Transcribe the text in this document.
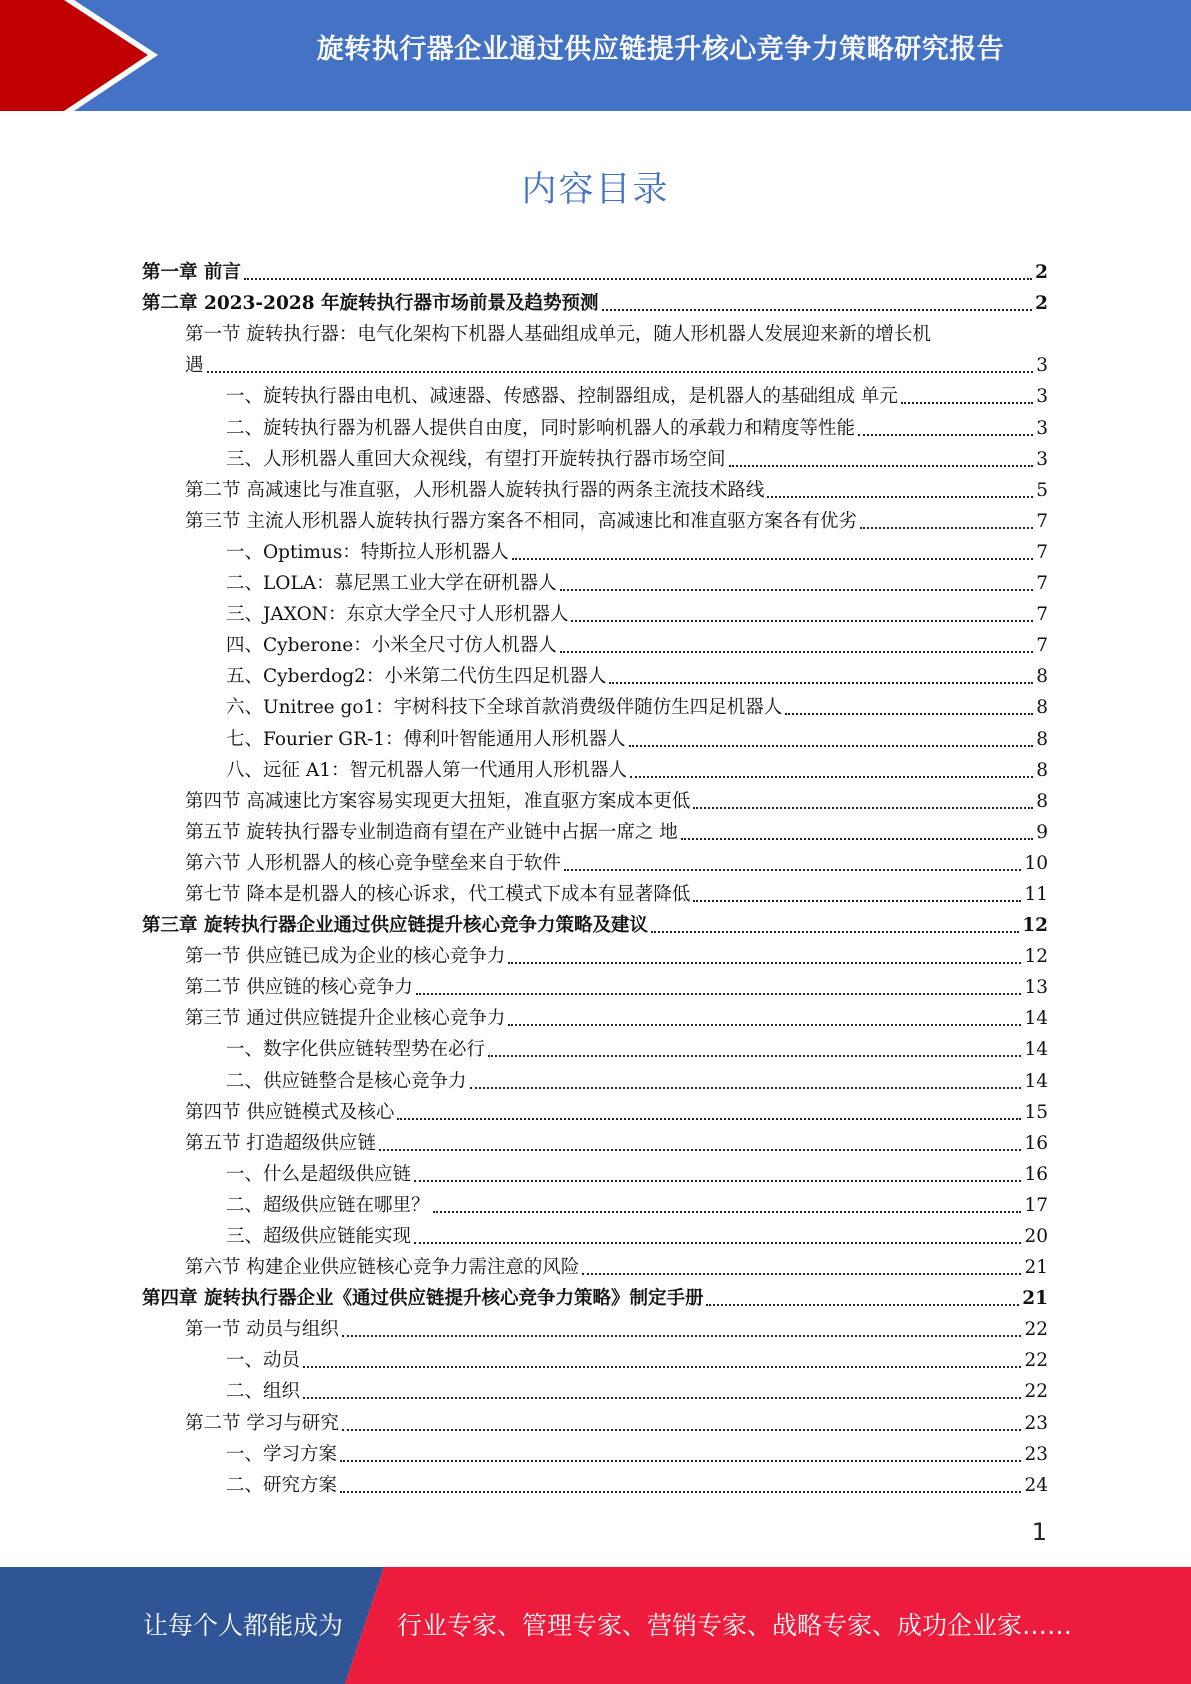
旋转执行器企业通过供应链提升核心竞争力策略研究报告
内容目录
第一章 前言	2
第二章 2023-2028 年旋转执行器市场前景及趋势预测	2
第一节 旋转执行器：电气化架构下机器人基础组成单元，随人形机器人发展迎来新的增长机
遇	3
一、旋转执行器由电机、减速器、传感器、控制器组成，是机器人的基础组成 单元	3
二、旋转执行器为机器人提供自由度，同时影响机器人的承载力和精度等性能	3
三、人形机器人重回大众视线，有望打开旋转执行器市场空间	3
第二节 高减速比与准直驱，人形机器人旋转执行器的两条主流技术路线	5
第三节 主流人形机器人旋转执行器方案各不相同，高减速比和准直驱方案各有优劣	7
一、Optimus：特斯拉人形机器人	7
二、LOLA：慕尼黑工业大学在研机器人	7
三、JAXON：东京大学全尺寸人形机器人	7
四、Cyberone：小米全尺寸仿人机器人	7
五、Cyberdog2：小米第二代仿生四足机器人	8
六、Unitree go1：宇树科技下全球首款消费级伴随仿生四足机器人	8
七、Fourier GR-1：傅利叶智能通用人形机器人	8
八、远征 A1：智元机器人第一代通用人形机器人	8
第四节 高减速比方案容易实现更大扭矩，准直驱方案成本更低	8
第五节 旋转执行器专业制造商有望在产业链中占据一席之 地	9
第六节 人形机器人的核心竞争壁垒来自于软件	10
第七节 降本是机器人的核心诉求，代工模式下成本有显著降低	11
第三章 旋转执行器企业通过供应链提升核心竞争力策略及建议	12
第一节 供应链已成为企业的核心竞争力	12
第二节 供应链的核心竞争力	13
第三节 通过供应链提升企业核心竞争力	14
一、数字化供应链转型势在必行	14
二、供应链整合是核心竞争力	14
第四节 供应链模式及核心	15
第五节 打造超级供应链	16
一、什么是超级供应链	16
二、超级供应链在哪里？	17
三、超级供应链能实现	20
第六节 构建企业供应链核心竞争力需注意的风险	21
第四章 旋转执行器企业《通过供应链提升核心竞争力策略》制定手册	21
第一节 动员与组织	22
一、动员	22
二、组织	22
第二节 学习与研究	23
一、学习方案	23
二、研究方案	24
1
让每个人都能成为 行业专家、管理专家、营销专家、战略专家、成功企业家……
